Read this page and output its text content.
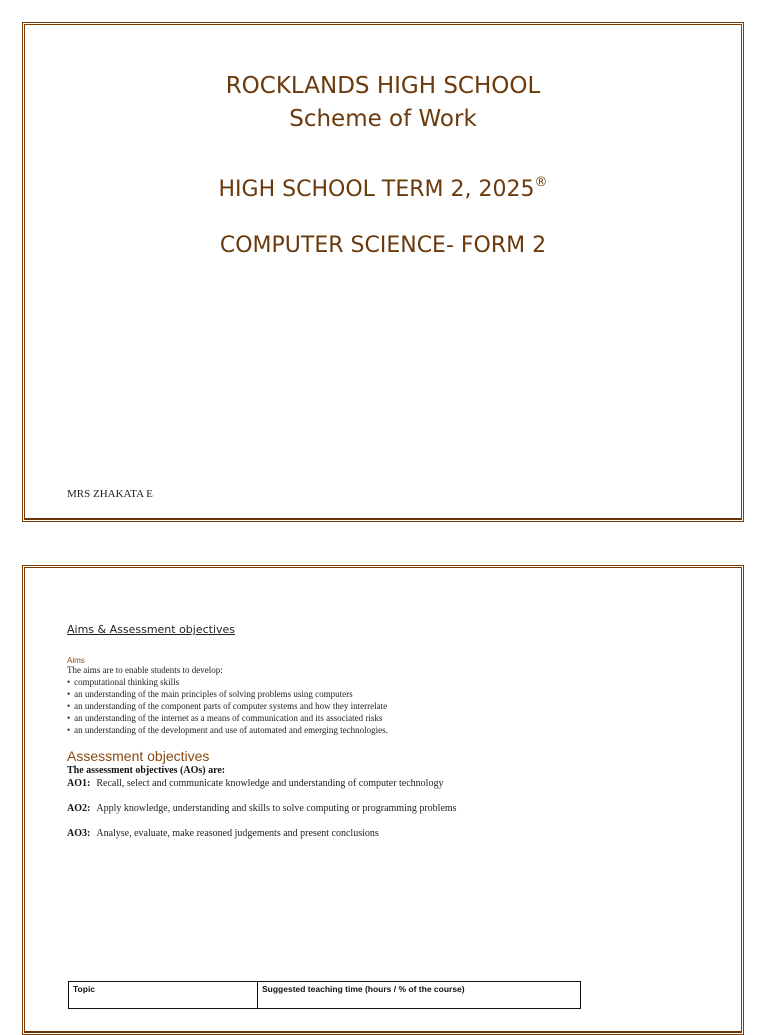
ROCKLANDS HIGH SCHOOL
Scheme of Work
HIGH SCHOOL TERM 2, 2025®
COMPUTER SCIENCE- FORM 2
MRS ZHAKATA E
Aims & Assessment objectives
Aims
The aims are to enable students to develop:
• computational thinking skills
• an understanding of the main principles of solving problems using computers
• an understanding of the component parts of computer systems and how they interrelate
• an understanding of the internet as a means of communication and its associated risks
• an understanding of the development and use of automated and emerging technologies.
Assessment objectives
The assessment objectives (AOs) are:
AO1: Recall, select and communicate knowledge and understanding of computer technology
AO2: Apply knowledge, understanding and skills to solve computing or programming problems
AO3: Analyse, evaluate, make reasoned judgements and present conclusions
Topic	Suggested teaching time (hours / % of the course)
